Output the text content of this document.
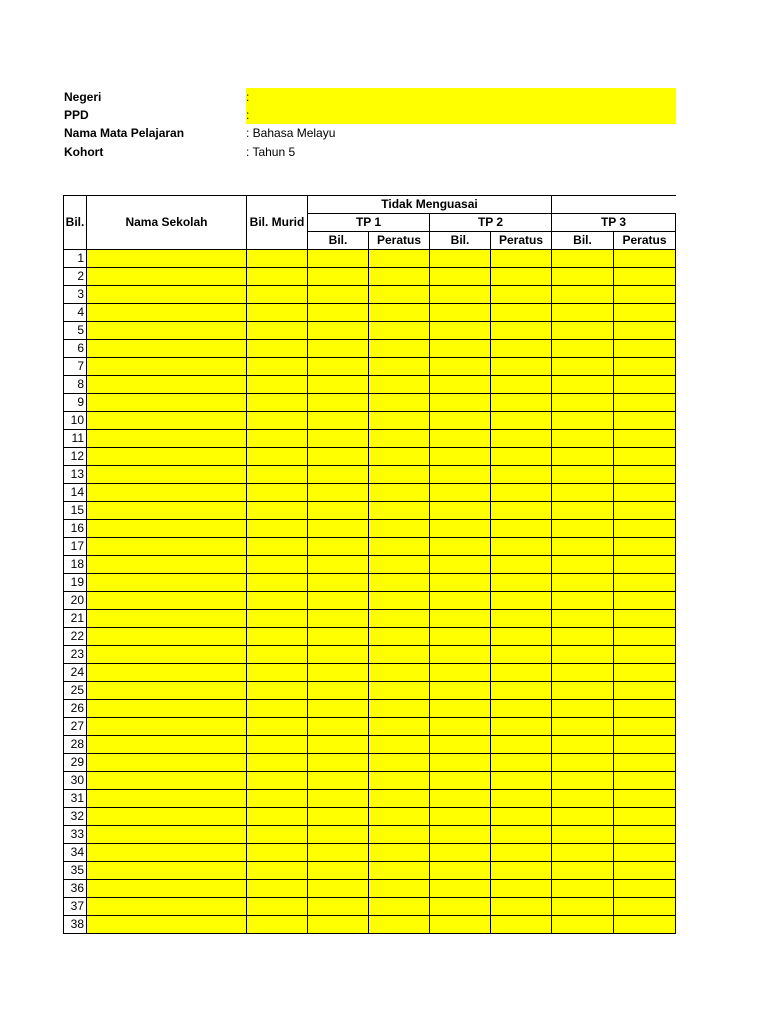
Negeri	:
PPD	:
Nama Mata Pelajaran	: Bahasa Melayu
Kohort	: Tahun 5
Bil.	Nama Sekolah	Bil. Murid	Tidak Menguasai					
			TP 1		TP 2		TP 3	
			Bil.	Peratus	Bil.	Peratus	Bil.	Peratus
1								
2								
3								
4								
5								
6								
7								
8								
9								
10								
11								
12								
13								
14								
15								
16								
17								
18								
19								
20								
21								
22								
23								
24								
25								
26								
27								
28								
29								
30								
31								
32								
33								
34								
35								
36								
37								
38								
